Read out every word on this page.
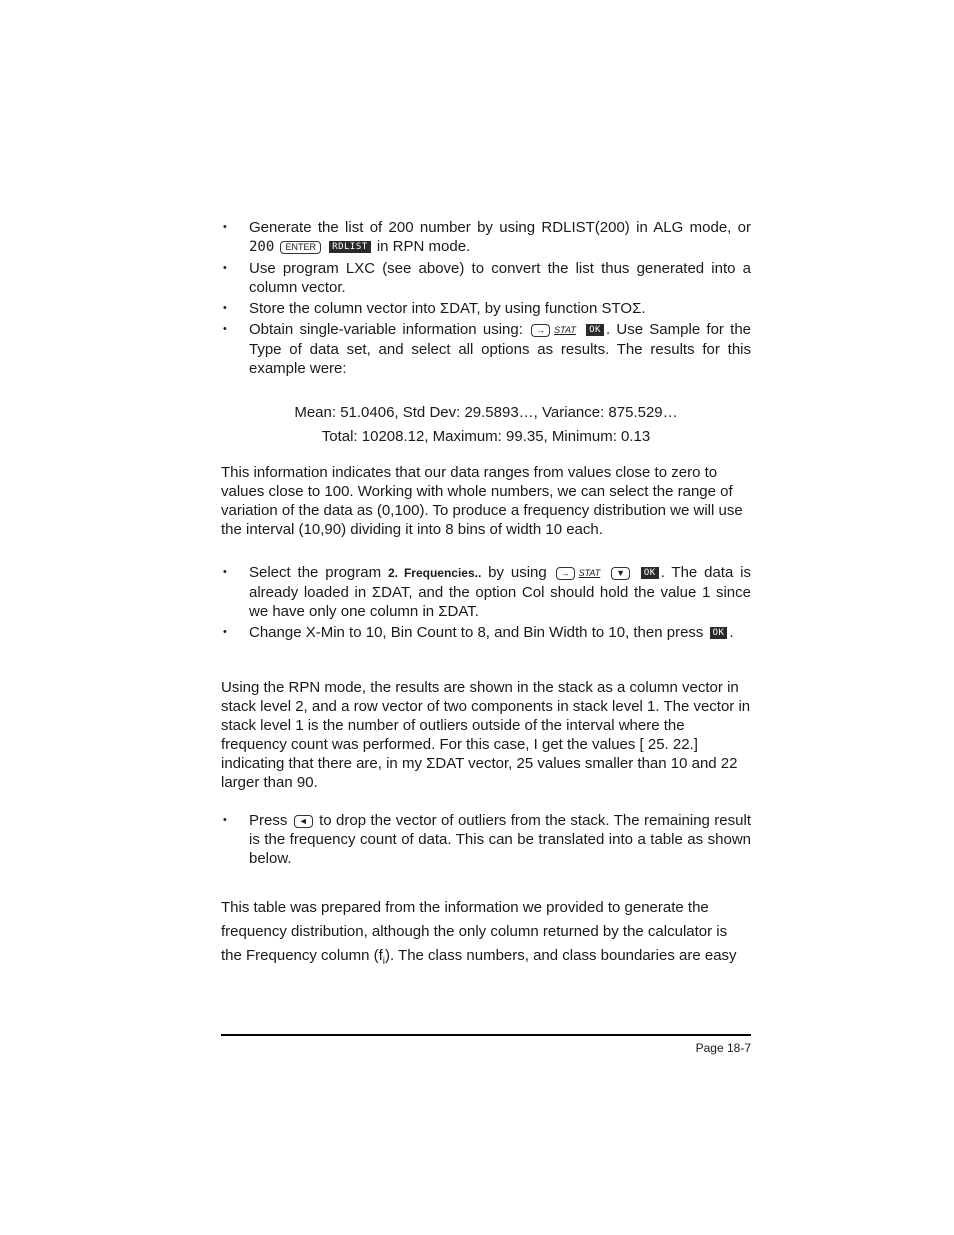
• Generate the list of 200 number by using RDLIST(200) in ALG mode, or 200 ENTER RDLIST in RPN mode.
• Use program LXC (see above) to convert the list thus generated into a column vector.
• Store the column vector into ΣDAT, by using function STOΣ.
• Obtain single-variable information using: → STAT OK . Use Sample for the Type of data set, and select all options as results. The results for this example were:

Mean: 51.0406, Std Dev: 29.5893…, Variance: 875.529…

Total: 10208.12, Maximum: 99.35, Minimum: 0.13

This information indicates that our data ranges from values close to zero to values close to 100. Working with whole numbers, we can select the range of variation of the data as (0,100). To produce a frequency distribution we will use the interval (10,90) dividing it into 8 bins of width 10 each.

• Select the program 2. Frequencies.. by using → STAT ▼ OK . The data is already loaded in ΣDAT, and the option Col should hold the value 1 since we have only one column in ΣDAT.
• Change X-Min to 10, Bin Count to 8, and Bin Width to 10, then press OK .

Using the RPN mode, the results are shown in the stack as a column vector in stack level 2, and a row vector of two components in stack level 1. The vector in stack level 1 is the number of outliers outside of the interval where the frequency count was performed. For this case, I get the values [ 25. 22.] indicating that there are, in my ΣDAT vector, 25 values smaller than 10 and 22 larger than 90.

• Press ◄ to drop the vector of outliers from the stack. The remaining result is the frequency count of data. This can be translated into a table as shown below.

This table was prepared from the information we provided to generate the frequency distribution, although the only column returned by the calculator is the Frequency column $(f_i)$. The class numbers, and class boundaries are easy

Page 18-7
